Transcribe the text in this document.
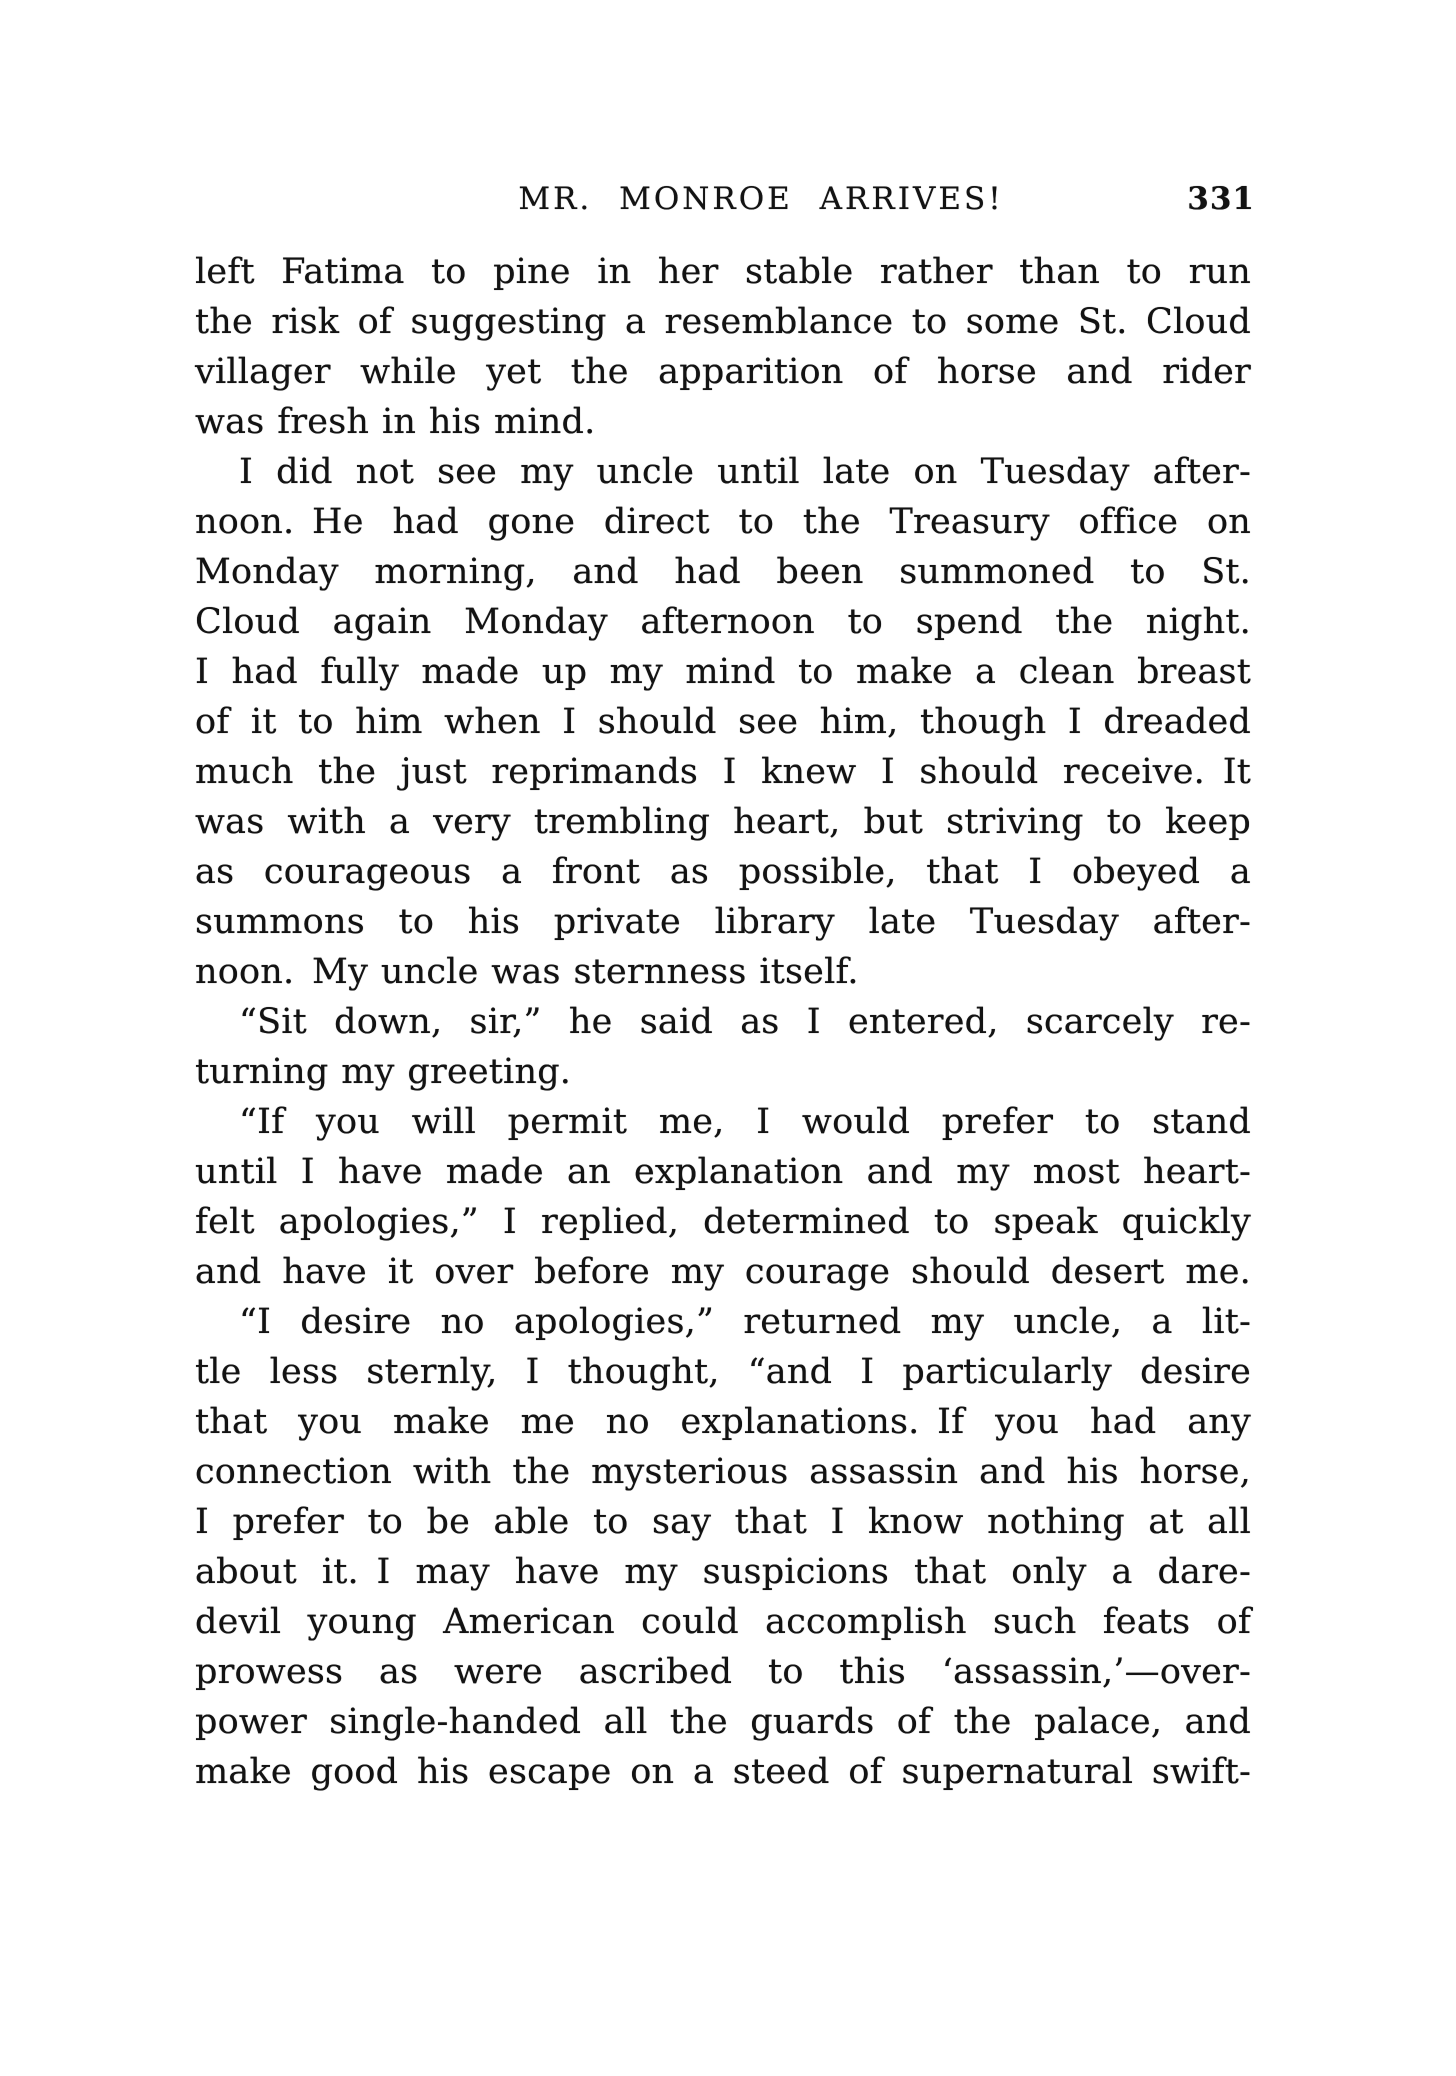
MR. MONROE ARRIVES!	331
left Fatima to pine in her stable rather than to run
the risk of suggesting a resemblance to some St. Cloud
villager while yet the apparition of horse and rider
was fresh in his mind.
I did not see my uncle until late on Tuesday after-
noon. He had gone direct to the Treasury office on
Monday morning, and had been summoned to St.
Cloud again Monday afternoon to spend the night.
I had fully made up my mind to make a clean breast
of it to him when I should see him, though I dreaded
much the just reprimands I knew I should receive. It
was with a very trembling heart, but striving to keep
as courageous a front as possible, that I obeyed a
summons to his private library late Tuesday after-
noon. My uncle was sternness itself.
“Sit down, sir,” he said as I entered, scarcely re-
turning my greeting.
“If you will permit me, I would prefer to stand
until I have made an explanation and my most heart-
felt apologies,” I replied, determined to speak quickly
and have it over before my courage should desert me.
“I desire no apologies,” returned my uncle, a lit-
tle less sternly, I thought, “and I particularly desire
that you make me no explanations. If you had any
connection with the mysterious assassin and his horse,
I prefer to be able to say that I know nothing at all
about it. I may have my suspicions that only a dare-
devil young American could accomplish such feats of
prowess as were ascribed to this ‘assassin,’—over-
power single-handed all the guards of the palace, and
make good his escape on a steed of supernatural swift-
